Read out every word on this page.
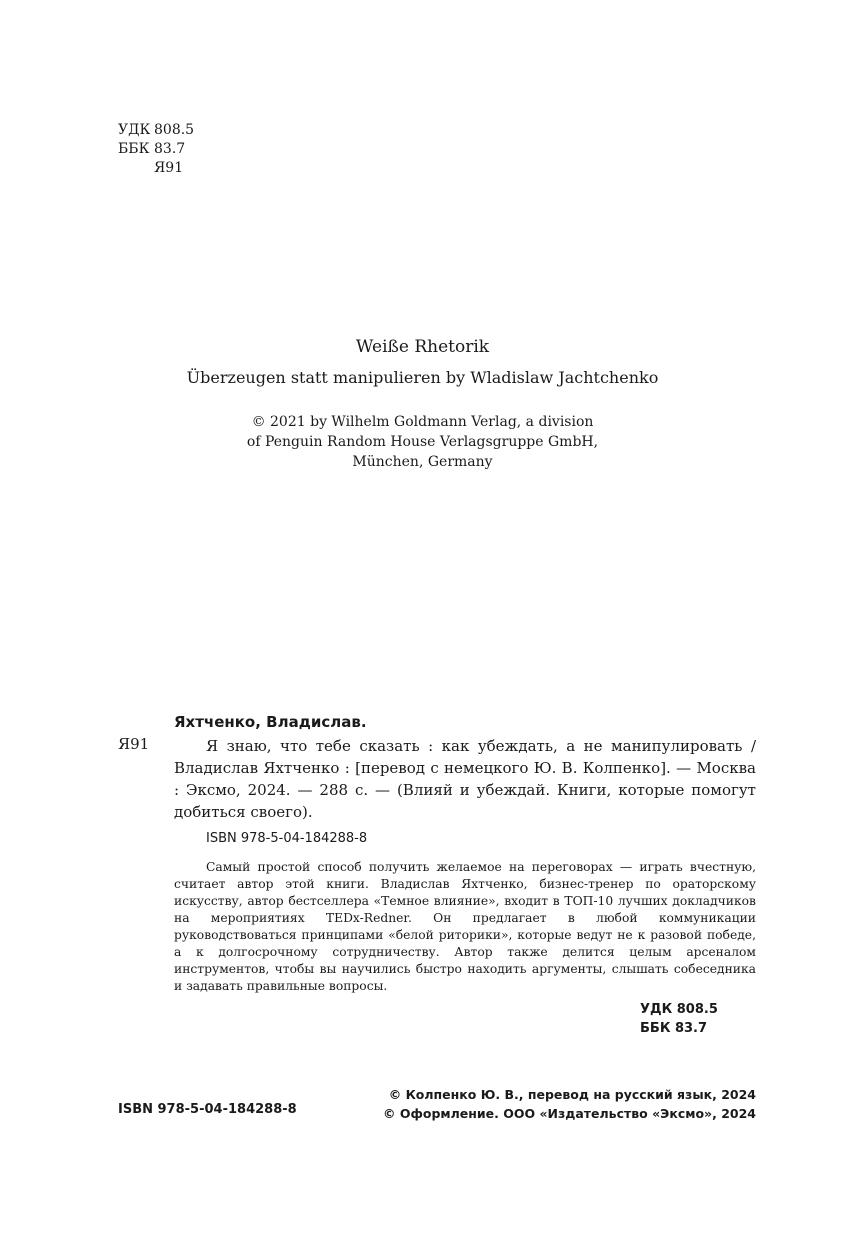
УДК 808.5
ББК 83.7
Я91
Weiße Rhetorik
Überzeugen statt manipulieren by Wladislaw Jachtchenko
© 2021 by Wilhelm Goldmann Verlag, a division
of Penguin Random House Verlagsgruppe GmbH,
München, Germany
Яхтченко, Владислав.
Я91	Я знаю, что тебе сказать : как убеждать, а не манипулировать / Владислав Яхтченко : [перевод с немецкого Ю. В. Колпенко]. — Москва : Эксмо, 2024. — 288 с. — (Влияй и убеждай. Книги, которые помогут добиться своего).

ISBN 978-5-04-184288-8

Самый простой способ получить желаемое на переговорах — играть вчестную, считает автор этой книги. Владислав Яхтченко, бизнес-тренер по ораторскому искусству, автор бестселлера «Темное влияние», входит в ТОП-10 лучших докладчиков на мероприятиях TEDx-Redner. Он предлагает в любой коммуникации руководствоваться принципами «белой риторики», которые ведут не к разовой победе, а к долгосрочному сотрудничеству. Автор также делится целым арсеналом инструментов, чтобы вы научились быстро находить аргументы, слышать собеседника и задавать правильные вопросы.

УДК 808.5
ББК 83.7
ISBN 978-5-04-184288-8
© Колпенко Ю. В., перевод на русский язык, 2024
© Оформление. ООО «Издательство «Эксмо», 2024
